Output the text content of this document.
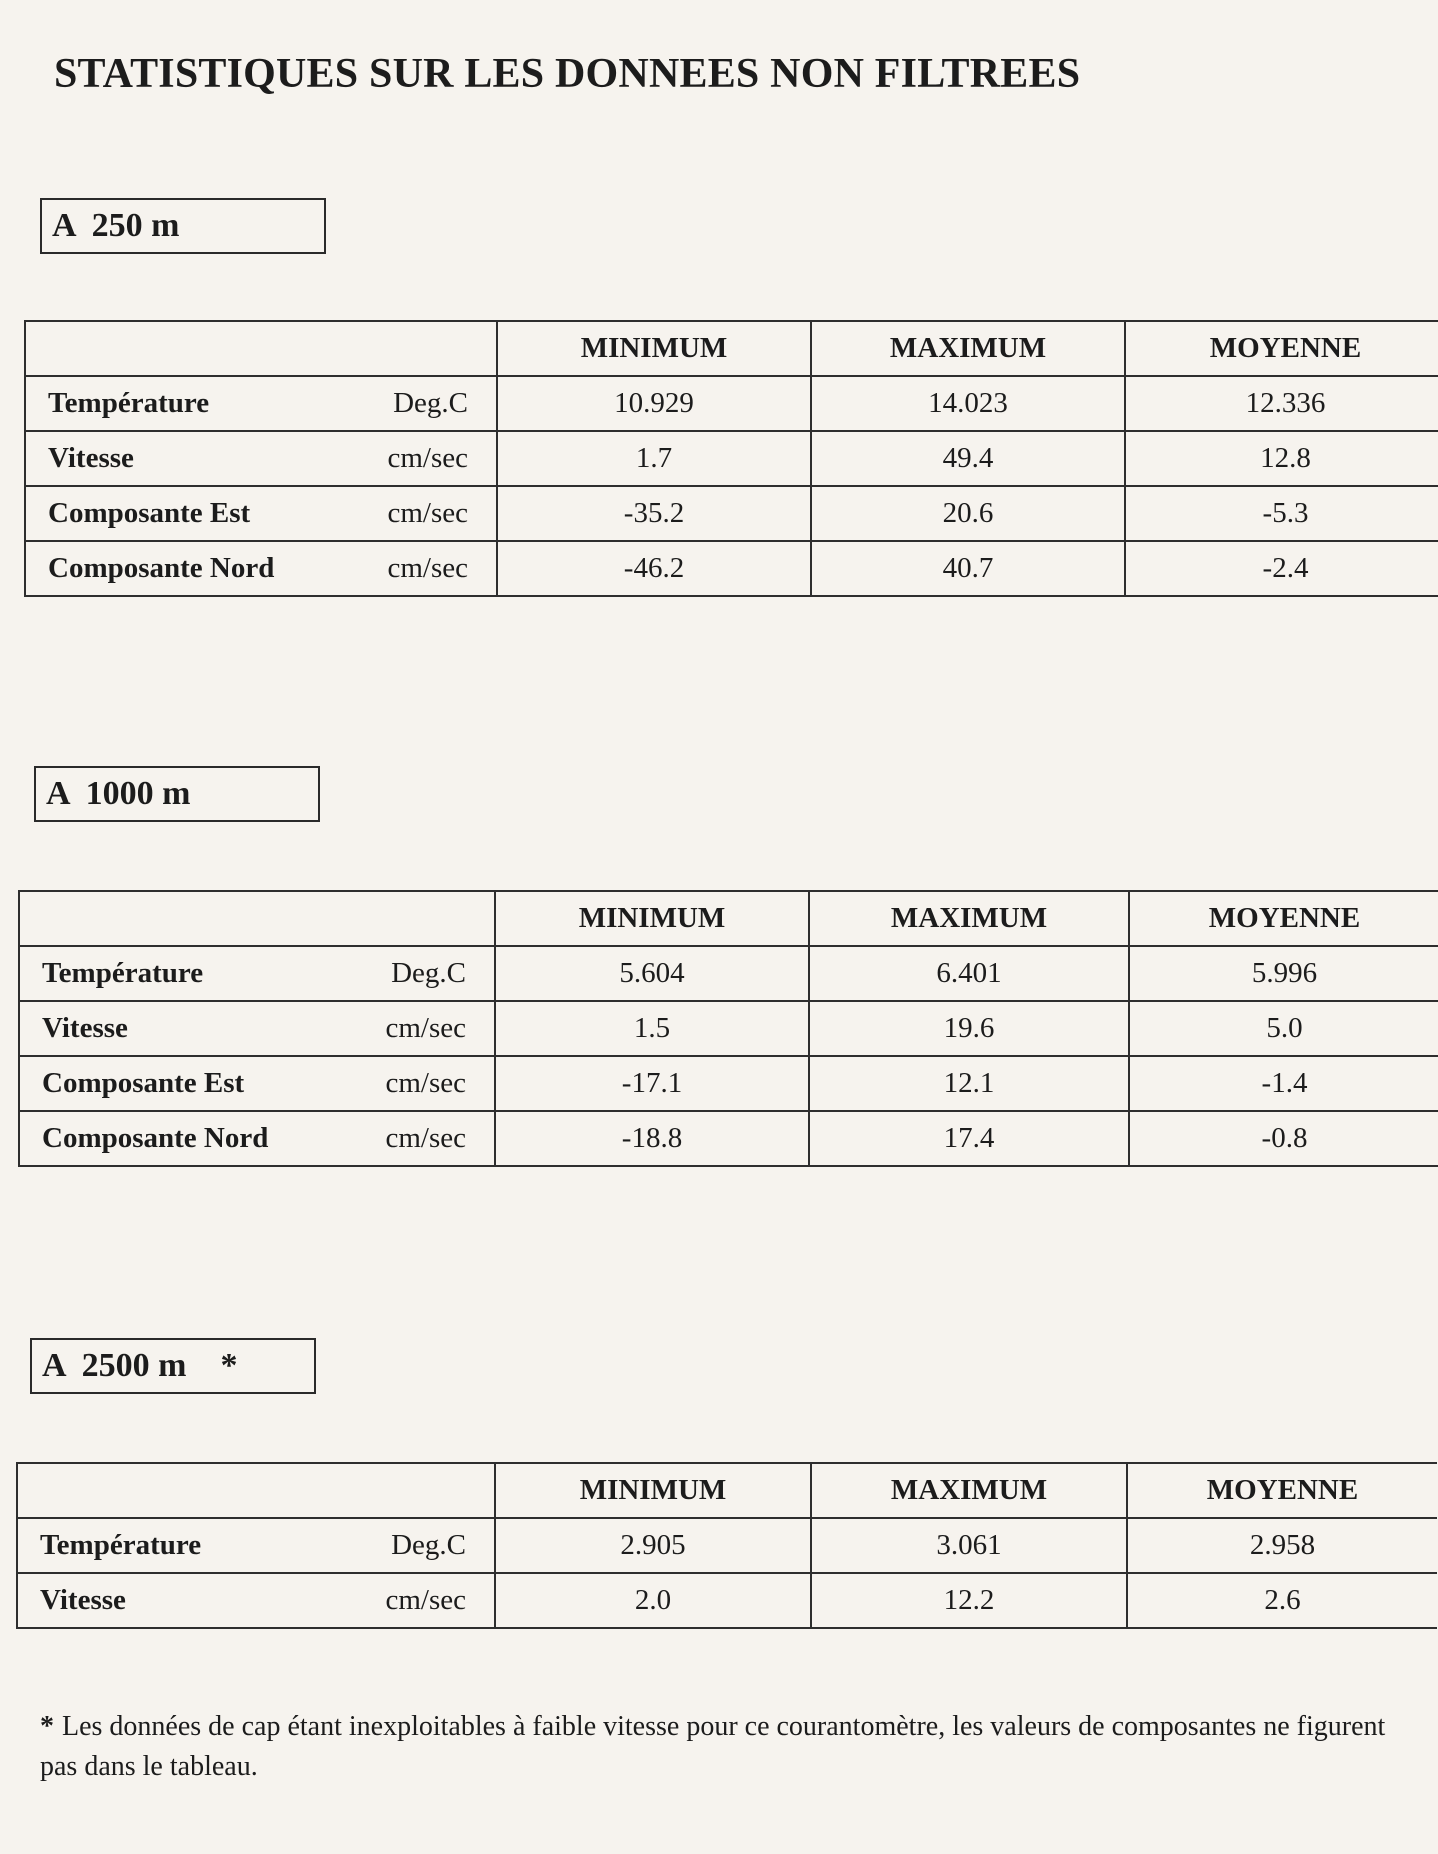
STATISTIQUES SUR LES DONNEES NON FILTREES
A  250 m
		MINIMUM	MAXIMUM	MOYENNE
Température	Deg.C	10.929	14.023	12.336
Vitesse	cm/sec	1.7	49.4	12.8
Composante Est	cm/sec	-35.2	20.6	-5.3
Composante Nord	cm/sec	-46.2	40.7	-2.4
A  1000 m
		MINIMUM	MAXIMUM	MOYENNE
Température	Deg.C	5.604	6.401	5.996
Vitesse	cm/sec	1.5	19.6	5.0
Composante Est	cm/sec	-17.1	12.1	-1.4
Composante Nord	cm/sec	-18.8	17.4	-0.8
A  2500 m *
		MINIMUM	MAXIMUM	MOYENNE
Température	Deg.C	2.905	3.061	2.958
Vitesse	cm/sec	2.0	12.2	2.6

* Les données de cap étant inexploitables à faible vitesse pour ce courantomètre, les valeurs de composantes ne figurent pas dans le tableau.
